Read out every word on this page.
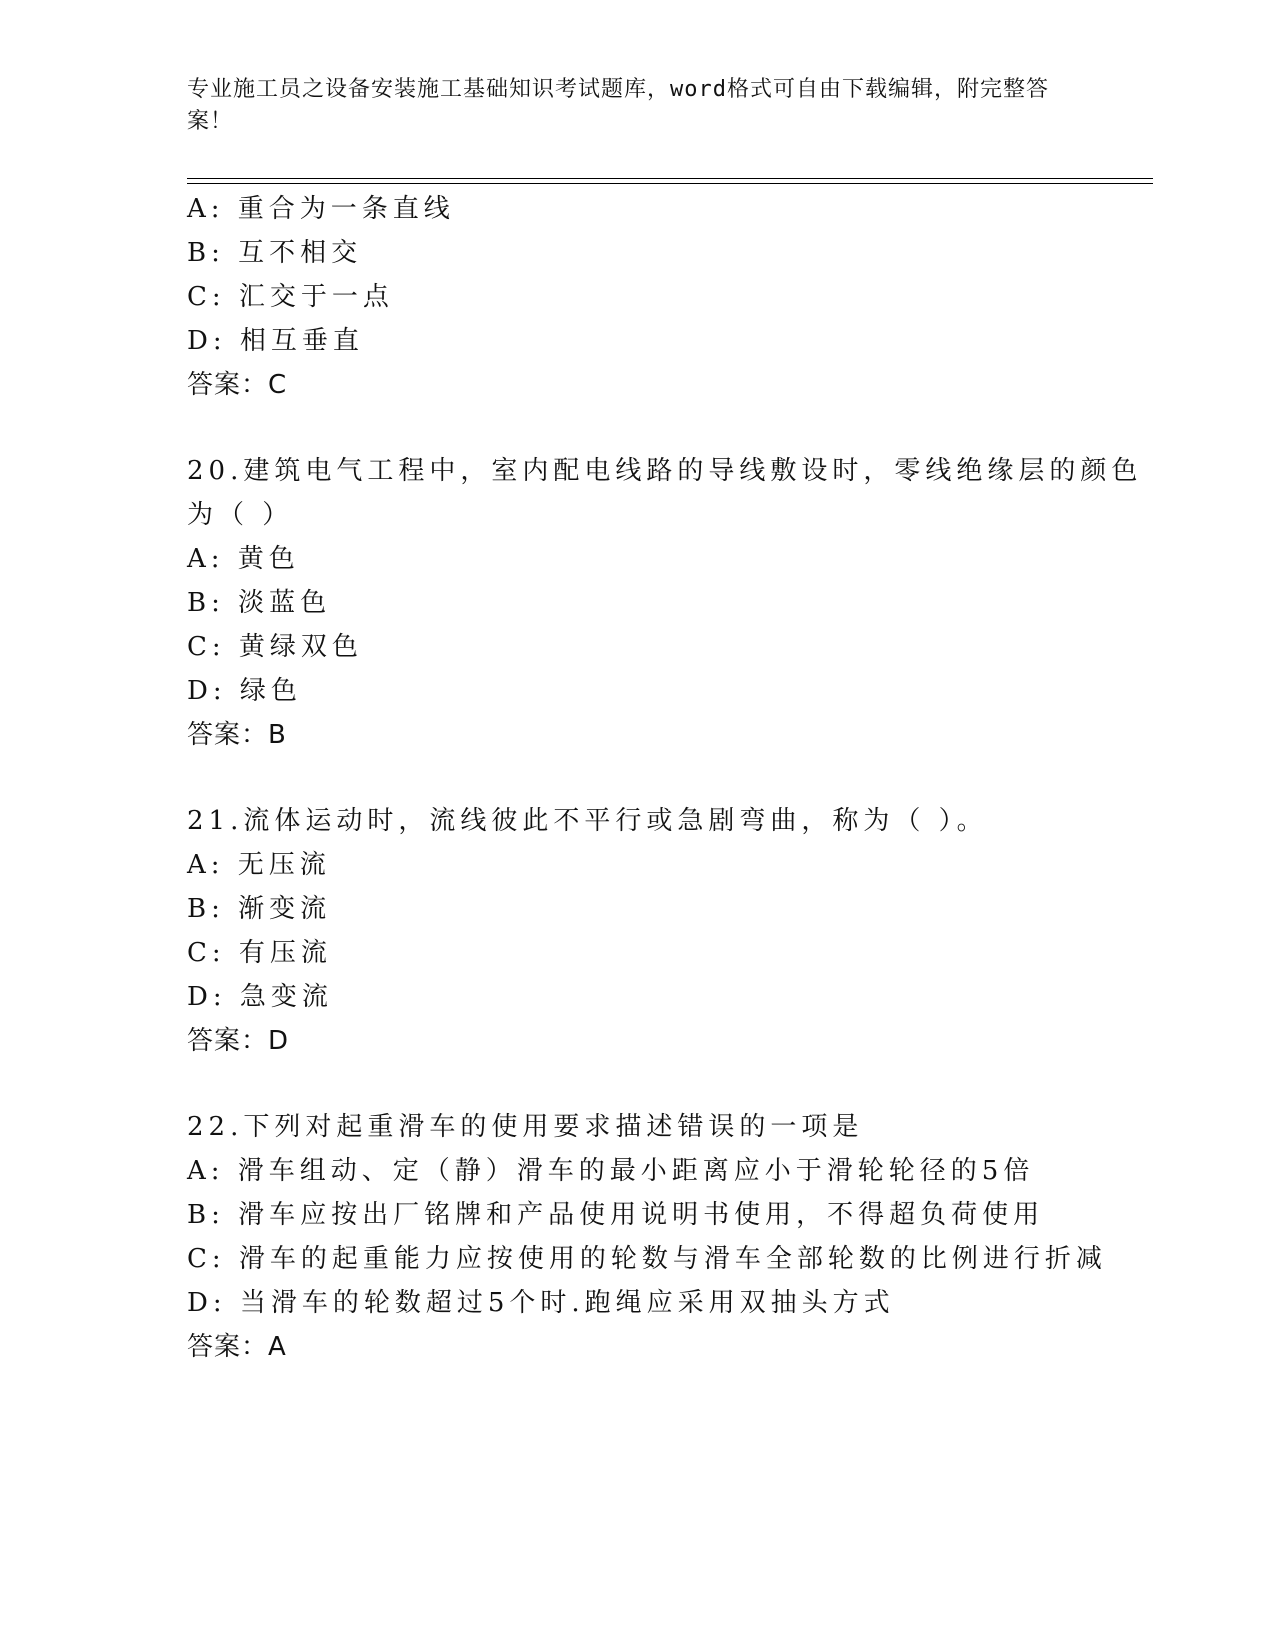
专业施工员之设备安装施工基础知识考试题库，word格式可自由下载编辑，附完整答案！
A: 重合为一条直线
B: 互不相交
C: 汇交于一点
D: 相互垂直
答案：C
20.建筑电气工程中，室内配电线路的导线敷设时，零线绝缘层的颜色
为（ ）
A: 黄色
B: 淡蓝色
C: 黄绿双色
D: 绿色
答案：B
21.流体运动时，流线彼此不平行或急剧弯曲，称为（ ）。
A: 无压流
B: 渐变流
C: 有压流
D: 急变流
答案：D
22.下列对起重滑车的使用要求描述错误的一项是
A: 滑车组动、定（静）滑车的最小距离应小于滑轮轮径的5倍
B: 滑车应按出厂铭牌和产品使用说明书使用，不得超负荷使用
C: 滑车的起重能力应按使用的轮数与滑车全部轮数的比例进行折减
D: 当滑车的轮数超过5个时.跑绳应采用双抽头方式
答案：A
